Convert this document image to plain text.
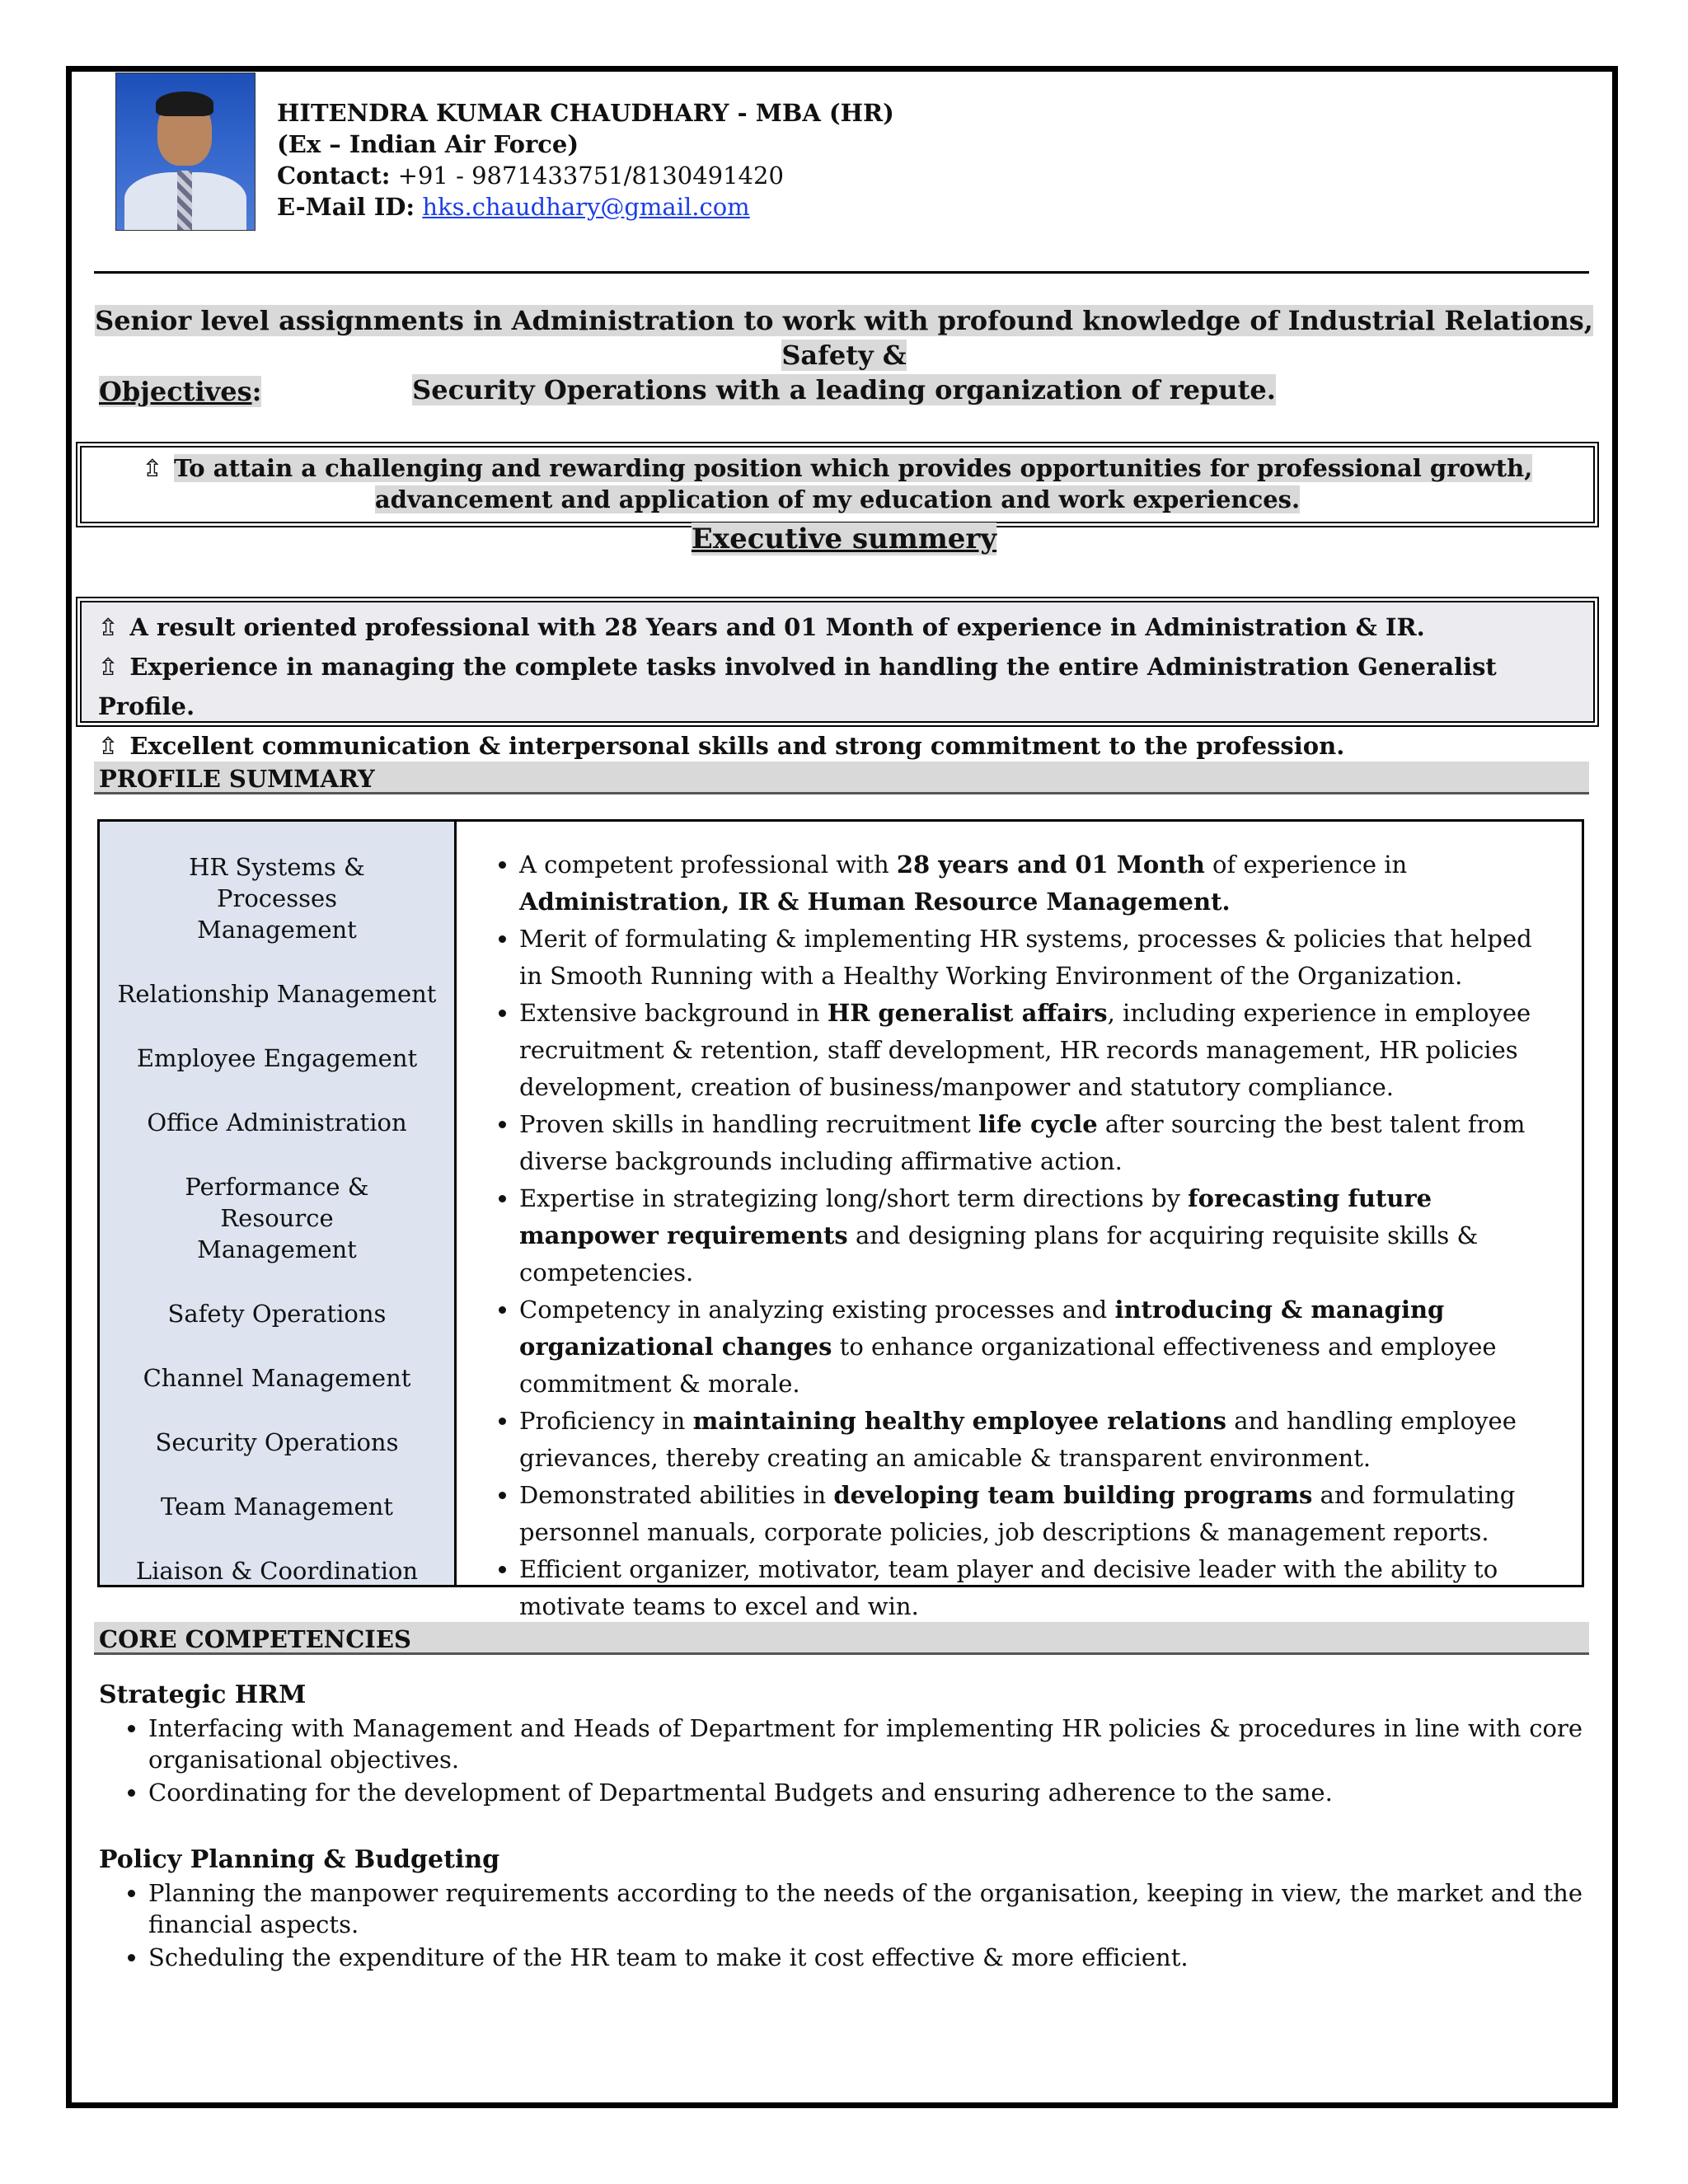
HITENDRA KUMAR CHAUDHARY - MBA (HR)
(Ex – Indian Air Force)
Contact: +91 - 9871433751/8130491420
E-Mail ID: hks.chaudhary@gmail.com
Senior level assignments in Administration to work with profound knowledge of Industrial Relations, Safety &
Security Operations with a leading organization of repute.
Objectives:
⇬ To attain a challenging and rewarding position which provides opportunities for professional growth,
advancement and application of my education and work experiences.
Executive summery
⇬ A result oriented professional with 28 Years and 01 Month of experience in Administration & IR.
⇬ Experience in managing the complete tasks involved in handling the entire Administration Generalist Profile.
⇬ Excellent communication & interpersonal skills and strong commitment to the profession.
PROFILE SUMMARY
HR Systems & Processes Management
Relationship Management
Employee Engagement
Office Administration
Performance & Resource Management
Safety Operations
Channel Management
Security Operations
Team Management
Liaison & Coordination
• A competent professional with 28 years and 01 Month of experience in Administration, IR & Human Resource Management.
• Merit of formulating & implementing HR systems, processes & policies that helped in Smooth Running with a Healthy Working Environment of the Organization.
• Extensive background in HR generalist affairs, including experience in employee recruitment & retention, staff development, HR records management, HR policies development, creation of business/manpower and statutory compliance.
• Proven skills in handling recruitment life cycle after sourcing the best talent from diverse backgrounds including affirmative action.
• Expertise in strategizing long/short term directions by forecasting future manpower requirements and designing plans for acquiring requisite skills & competencies.
• Competency in analyzing existing processes and introducing & managing organizational changes to enhance organizational effectiveness and employee commitment & morale.
• Proficiency in maintaining healthy employee relations and handling employee grievances, thereby creating an amicable & transparent environment.
• Demonstrated abilities in developing team building programs and formulating personnel manuals, corporate policies, job descriptions & management reports.
• Efficient organizer, motivator, team player and decisive leader with the ability to motivate teams to excel and win.
CORE COMPETENCIES
Strategic HRM
• Interfacing with Management and Heads of Department for implementing HR policies & procedures in line with core organisational objectives.
• Coordinating for the development of Departmental Budgets and ensuring adherence to the same.
Policy Planning & Budgeting
• Planning the manpower requirements according to the needs of the organisation, keeping in view, the market and the financial aspects.
• Scheduling the expenditure of the HR team to make it cost effective & more efficient.
